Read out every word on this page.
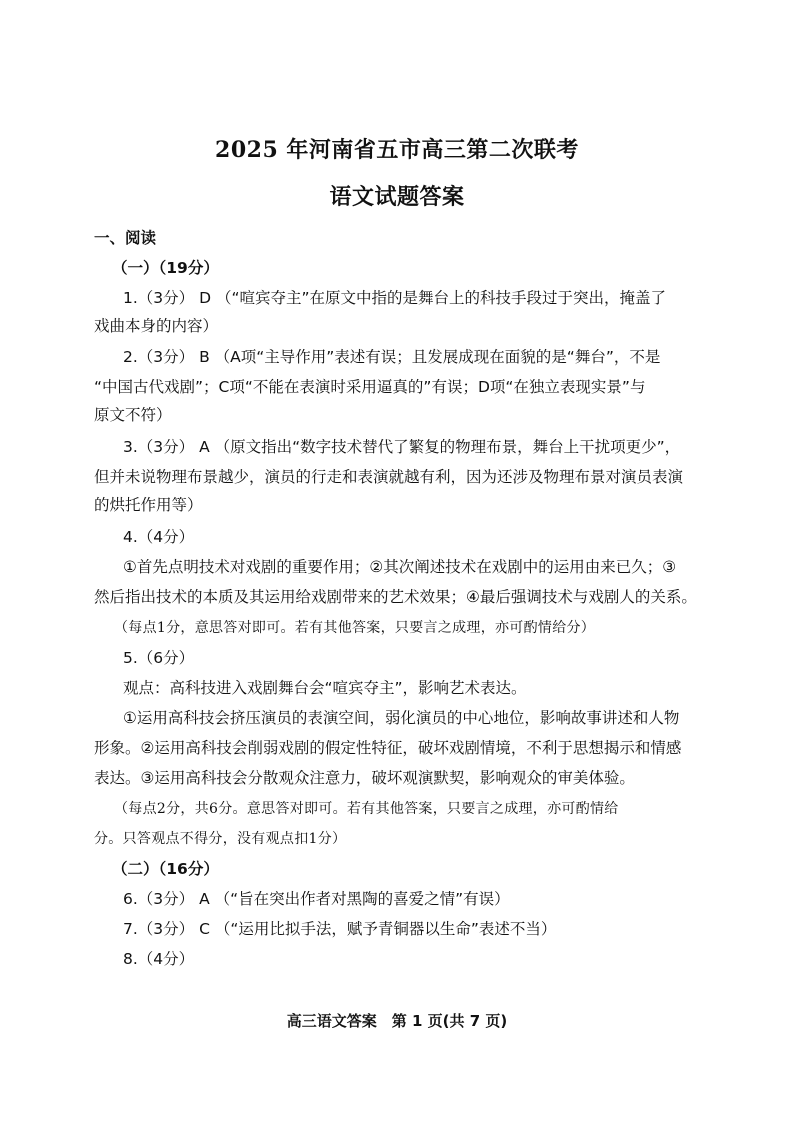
2025 年河南省五市高三第二次联考
语文试题答案
一、阅读
（一）（19分）
1.（3分） D （“喧宾夺主”在原文中指的是舞台上的科技手段过于突出，掩盖了
戏曲本身的内容）
2.（3分） B （A项“主导作用”表述有误；且发展成现在面貌的是“舞台”，不是
“中国古代戏剧”；C项“不能在表演时采用逼真的”有误；D项“在独立表现实景”与
原文不符）
3.（3分） A （原文指出“数字技术替代了繁复的物理布景，舞台上干扰项更少”，
但并未说物理布景越少，演员的行走和表演就越有利，因为还涉及物理布景对演员表演
的烘托作用等）
4.（4分）
①首先点明技术对戏剧的重要作用；②其次阐述技术在戏剧中的运用由来已久；③
然后指出技术的本质及其运用给戏剧带来的艺术效果；④最后强调技术与戏剧人的关系。
（每点1分，意思答对即可。若有其他答案，只要言之成理，亦可酌情给分）
5.（6分）
观点：高科技进入戏剧舞台会“喧宾夺主”，影响艺术表达。
①运用高科技会挤压演员的表演空间，弱化演员的中心地位，影响故事讲述和人物
形象。②运用高科技会削弱戏剧的假定性特征，破坏戏剧情境，不利于思想揭示和情感
表达。③运用高科技会分散观众注意力，破坏观演默契，影响观众的审美体验。
（每点2分，共6分。意思答对即可。若有其他答案，只要言之成理，亦可酌情给
分。只答观点不得分，没有观点扣1分）
（二）（16分）
6.（3分） A （“旨在突出作者对黑陶的喜爱之情”有误）
7.（3分） C （“运用比拟手法，赋予青铜器以生命”表述不当）
8.（4分）
高三语文答案　第 1 页(共 7 页)
